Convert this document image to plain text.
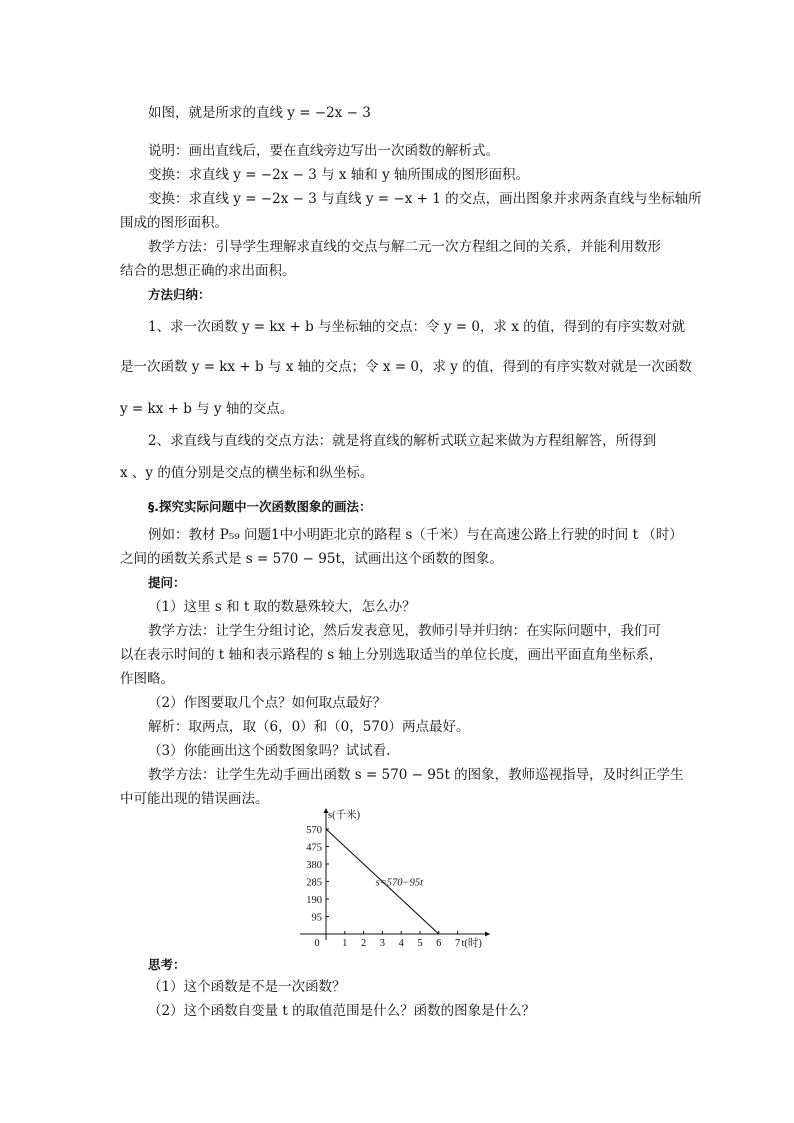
如图，就是所求的直线 y = −2x − 3
说明：画出直线后，要在直线旁边写出一次函数的解析式。
变换：求直线 y = −2x − 3 与 x 轴和 y 轴所围成的图形面积。
变换：求直线 y = −2x − 3 与直线 y = −x + 1 的交点，画出图象并求两条直线与坐标轴所
围成的图形面积。
教学方法：引导学生理解求直线的交点与解二元一次方程组之间的关系，并能利用数形
结合的思想正确的求出面积。
方法归纳：
1、求一次函数 y = kx + b 与坐标轴的交点：令 y = 0，求 x 的值，得到的有序实数对就
是一次函数 y = kx + b 与 x 轴的交点；令 x = 0，求 y 的值，得到的有序实数对就是一次函数
y = kx + b 与 y 轴的交点。
2、求直线与直线的交点方法：就是将直线的解析式联立起来做为方程组解答，所得到
x 、y 的值分别是交点的横坐标和纵坐标。
§.探究实际问题中一次函数图象的画法：
例如：教材 P₅₉ 问题1中小明距北京的路程 s（千米）与在高速公路上行驶的时间 t （时）
之间的函数关系式是 s = 570 − 95t，试画出这个函数的图象。
提问：
（1）这里 s 和 t 取的数悬殊较大，怎么办？
教学方法：让学生分组讨论，然后发表意见，教师引导并归纳：在实际问题中，我们可
以在表示时间的 t 轴和表示路程的 s 轴上分别选取适当的单位长度，画出平面直角坐标系，
作图略。
（2）作图要取几个点？如何取点最好？
解析：取两点，取（6，0）和（0，570）两点最好。
（3）你能画出这个函数图象吗？试试看.
教学方法：让学生先动手画出函数 s = 570 − 95t 的图象，教师巡视指导，及时纠正学生
中可能出现的错误画法。
0 1 2 3 4 5 6 7
95
190
285
380
475
570
t(时)
s(千米)
s=570−95t
思考：
（1）这个函数是不是一次函数？
（2）这个函数自变量 t 的取值范围是什么？函数的图象是什么？
